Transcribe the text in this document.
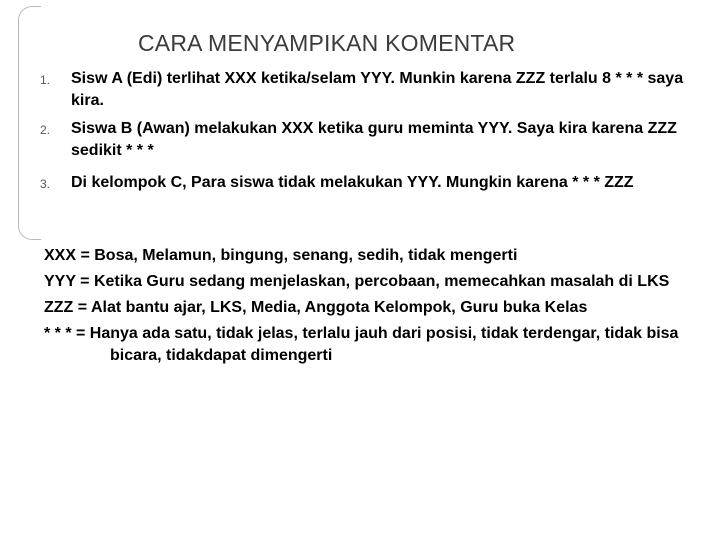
CARA MENYAMPIKAN KOMENTAR
1. Sisw A (Edi) terlihat XXX ketika/selam YYY. Munkin karena ZZZ terlalu 8 * * * saya kira.
2. Siswa B (Awan) melakukan XXX ketika guru meminta YYY. Saya kira karena ZZZ sedikit * * *
3. Di kelompok C, Para siswa tidak melakukan YYY. Mungkin karena * * * ZZZ
XXX = Bosa, Melamun, bingung, senang, sedih, tidak mengerti
YYY = Ketika Guru sedang menjelaskan, percobaan, memecahkan masalah di LKS
ZZZ = Alat bantu ajar, LKS, Media, Anggota Kelompok, Guru buka Kelas
* * * = Hanya ada satu, tidak jelas, terlalu jauh dari posisi, tidak terdengar, tidak bisa bicara, tidakdapat dimengerti
